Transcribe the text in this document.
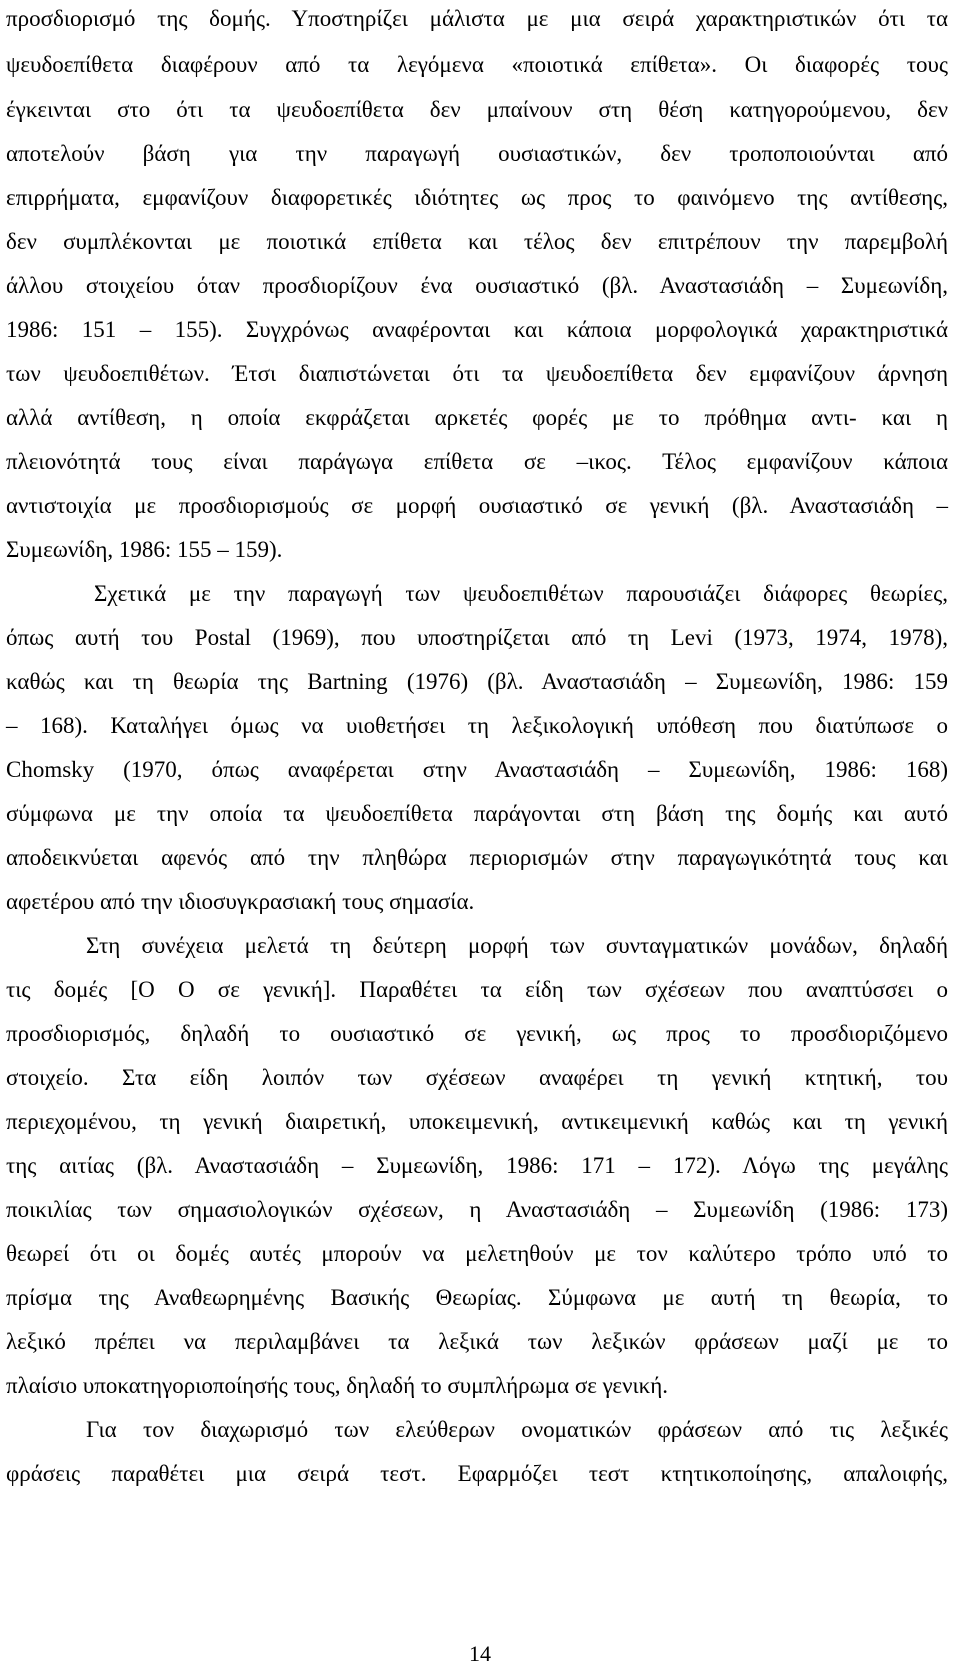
προσδιορισμό της δομής. Υποστηρίζει μάλιστα με μια σειρά χαρακτηριστικών ότι τα
ψευδοεπίθετα διαφέρουν από τα λεγόμενα «ποιοτικά επίθετα». Οι διαφορές τους
έγκεινται στο ότι τα ψευδοεπίθετα δεν μπαίνουν στη θέση κατηγορούμενου, δεν
αποτελούν βάση για την παραγωγή ουσιαστικών, δεν τροποποιούνται από
επιρρήματα, εμφανίζουν διαφορετικές ιδιότητες ως προς το φαινόμενο της αντίθεσης,
δεν συμπλέκονται με ποιοτικά επίθετα και τέλος δεν επιτρέπουν την παρεμβολή
άλλου στοιχείου όταν προσδιορίζουν ένα ουσιαστικό (βλ. Αναστασιάδη – Συμεωνίδη,
1986: 151 – 155). Συγχρόνως αναφέρονται και κάποια μορφολογικά χαρακτηριστικά
των ψευδοεπιθέτων. Έτσι διαπιστώνεται ότι τα ψευδοεπίθετα δεν εμφανίζουν άρνηση
αλλά αντίθεση, η οποία εκφράζεται αρκετές φορές με το πρόθημα αντι- και η
πλειονότητά τους είναι παράγωγα επίθετα σε –ικος. Τέλος εμφανίζουν κάποια
αντιστοιχία με προσδιορισμούς σε μορφή ουσιαστικό σε γενική (βλ. Αναστασιάδη –
Συμεωνίδη, 1986: 155 – 159).
Σχετικά με την παραγωγή των ψευδοεπιθέτων παρουσιάζει διάφορες θεωρίες,
όπως αυτή του Postal (1969), που υποστηρίζεται από τη Levi (1973, 1974, 1978),
καθώς και τη θεωρία της Bartning (1976) (βλ. Αναστασιάδη – Συμεωνίδη, 1986: 159
– 168). Καταλήγει όμως να υιοθετήσει τη λεξικολογική υπόθεση που διατύπωσε ο
Chomsky (1970, όπως αναφέρεται στην Αναστασιάδη – Συμεωνίδη, 1986: 168)
σύμφωνα με την οποία τα ψευδοεπίθετα παράγονται στη βάση της δομής και αυτό
αποδεικνύεται αφενός από την πληθώρα περιορισμών στην παραγωγικότητά τους και
αφετέρου από την ιδιοσυγκρασιακή τους σημασία.
Στη συνέχεια μελετά τη δεύτερη μορφή των συνταγματικών μονάδων, δηλαδή
τις δομές [Ο Ο σε γενική]. Παραθέτει τα είδη των σχέσεων που αναπτύσσει ο
προσδιορισμός, δηλαδή το ουσιαστικό σε γενική, ως προς το προσδιοριζόμενο
στοιχείο. Στα είδη λοιπόν των σχέσεων αναφέρει τη γενική κτητική, του
περιεχομένου, τη γενική διαιρετική, υποκειμενική, αντικειμενική καθώς και τη γενική
της αιτίας (βλ. Αναστασιάδη – Συμεωνίδη, 1986: 171 – 172). Λόγω της μεγάλης
ποικιλίας των σημασιολογικών σχέσεων, η Αναστασιάδη – Συμεωνίδη (1986: 173)
θεωρεί ότι οι δομές αυτές μπορούν να μελετηθούν με τον καλύτερο τρόπο υπό το
πρίσμα της Αναθεωρημένης Βασικής Θεωρίας. Σύμφωνα με αυτή τη θεωρία, το
λεξικό πρέπει να περιλαμβάνει τα λεξικά των λεξικών φράσεων μαζί με το
πλαίσιο υποκατηγοριοποίησής τους, δηλαδή το συμπλήρωμα σε γενική.
Για τον διαχωρισμό των ελεύθερων ονοματικών φράσεων από τις λεξικές
φράσεις παραθέτει μια σειρά τεστ. Εφαρμόζει τεστ κτητικοποίησης, απαλοιφής,
14
